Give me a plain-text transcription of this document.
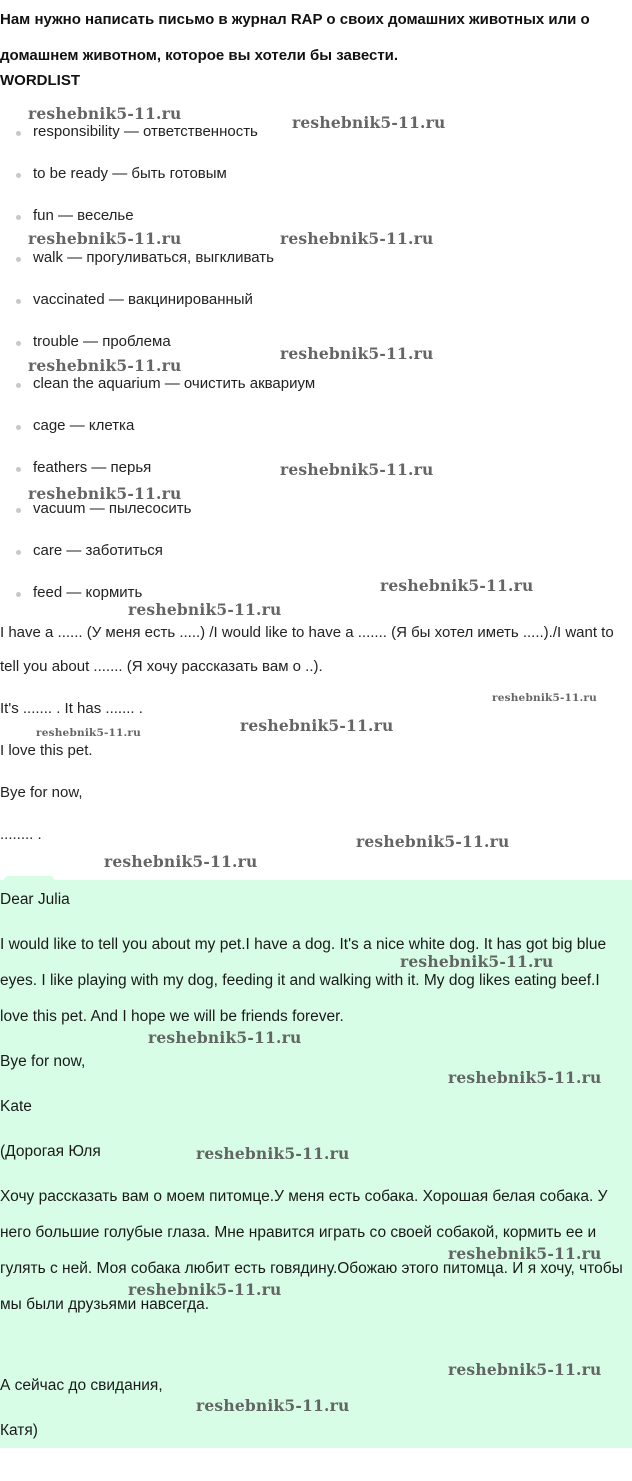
Нам нужно написать письмо в журнал RAP о своих домашних животных или о домашнем животном, которое вы хотели бы завести.
WORDLIST
responsibility — ответственность
to be ready — быть готовым
fun — веселье
walk — прогуливаться, выгкливать
vaccinated — вакцинированный
trouble — проблема
clean the aquarium — очистить аквариум
cage — клетка
feathers — перья
vacuum — пылесосить
care — заботиться
feed — кормить
I have a ...... (У меня есть .....) /I would like to have a ....... (Я бы хотел иметь .....)./I want to tell you about ....... (Я хочу рассказать вам о ..).
It's ....... . It has ....... .
I love this pet.
Bye for now,
........ .
Dear Julia
I would like to tell you about my pet.I have a dog. It's a nice white dog. It has got big blue eyes. I like playing with my dog, feeding it and walking with it. My dog likes eating beef.I love this pet. And I hope we will be friends forever.
Bye for now,
Kate
(Дорогая Юля
Хочу рассказать вам о моем питомце.У меня есть собака. Хорошая белая собака. У него большие голубые глаза. Мне нравится играть со своей собакой, кормить ее и гулять с ней. Моя собака любит есть говядину.Обожаю этого питомца. И я хочу, чтобы мы были друзьями навсегда.
А сейчас до свидания,
Катя)
reshebnik5-11.ru	reshebnik5-11.ru
reshebnik5-11.ru	reshebnik5-11.ru
reshebnik5-11.ru
reshebnik5-11.ru
reshebnik5-11.ru
reshebnik5-11.ru
reshebnik5-11.ru
reshebnik5-11.ru
reshebnik5-11.ru
reshebnik5-11.ru
reshebnik5-11.ru
reshebnik5-11.ru
reshebnik5-11.ru
reshebnik5-11.ru
reshebnik5-11.ru
reshebnik5-11.ru
reshebnik5-11.ru
reshebnik5-11.ru
reshebnik5-11.ru
reshebnik5-11.ru
reshebnik5-11.ru
